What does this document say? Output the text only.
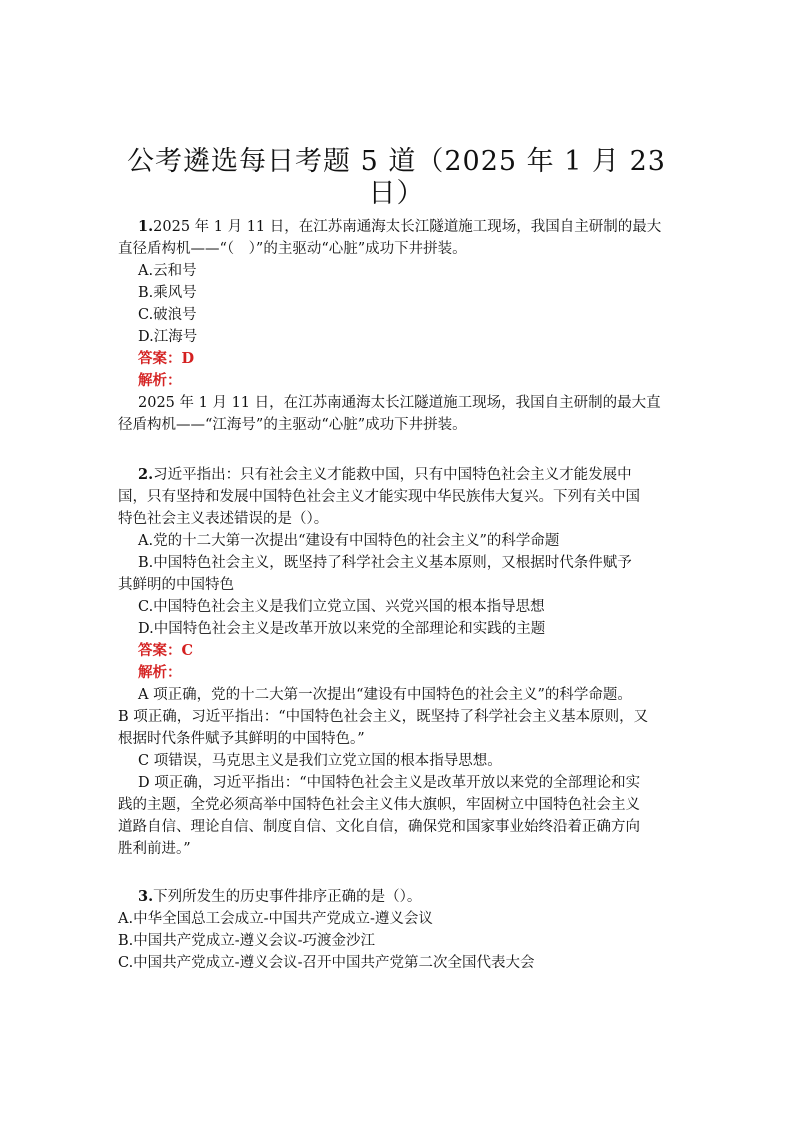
公考遴选每日考题 5 道（2025 年 1 月 23
日）
1.2025 年 1 月 11 日，在江苏南通海太长江隧道施工现场，我国自主研制的最大
直径盾构机——“（　）”的主驱动“心脏”成功下井拼装。
A.云和号
B.乘风号
C.破浪号
D.江海号
答案：D
解析：
2025 年 1 月 11 日，在江苏南通海太长江隧道施工现场，我国自主研制的最大直
径盾构机——“江海号”的主驱动“心脏”成功下井拼装。
2.习近平指出：只有社会主义才能救中国，只有中国特色社会主义才能发展中
国，只有坚持和发展中国特色社会主义才能实现中华民族伟大复兴。下列有关中国
特色社会主义表述错误的是（）。
A.党的十二大第一次提出“建设有中国特色的社会主义”的科学命题
B.中国特色社会主义，既坚持了科学社会主义基本原则，又根据时代条件赋予
其鲜明的中国特色
C.中国特色社会主义是我们立党立国、兴党兴国的根本指导思想
D.中国特色社会主义是改革开放以来党的全部理论和实践的主题
答案：C
解析：
A 项正确，党的十二大第一次提出“建设有中国特色的社会主义”的科学命题。
B 项正确，习近平指出：“中国特色社会主义，既坚持了科学社会主义基本原则，又
根据时代条件赋予其鲜明的中国特色。”
C 项错误，马克思主义是我们立党立国的根本指导思想。
D 项正确，习近平指出：“中国特色社会主义是改革开放以来党的全部理论和实
践的主题，全党必须高举中国特色社会主义伟大旗帜，牢固树立中国特色社会主义
道路自信、理论自信、制度自信、文化自信，确保党和国家事业始终沿着正确方向
胜利前进。”
3.下列所发生的历史事件排序正确的是（）。
A.中华全国总工会成立-中国共产党成立-遵义会议
B.中国共产党成立-遵义会议-巧渡金沙江
C.中国共产党成立-遵义会议-召开中国共产党第二次全国代表大会
